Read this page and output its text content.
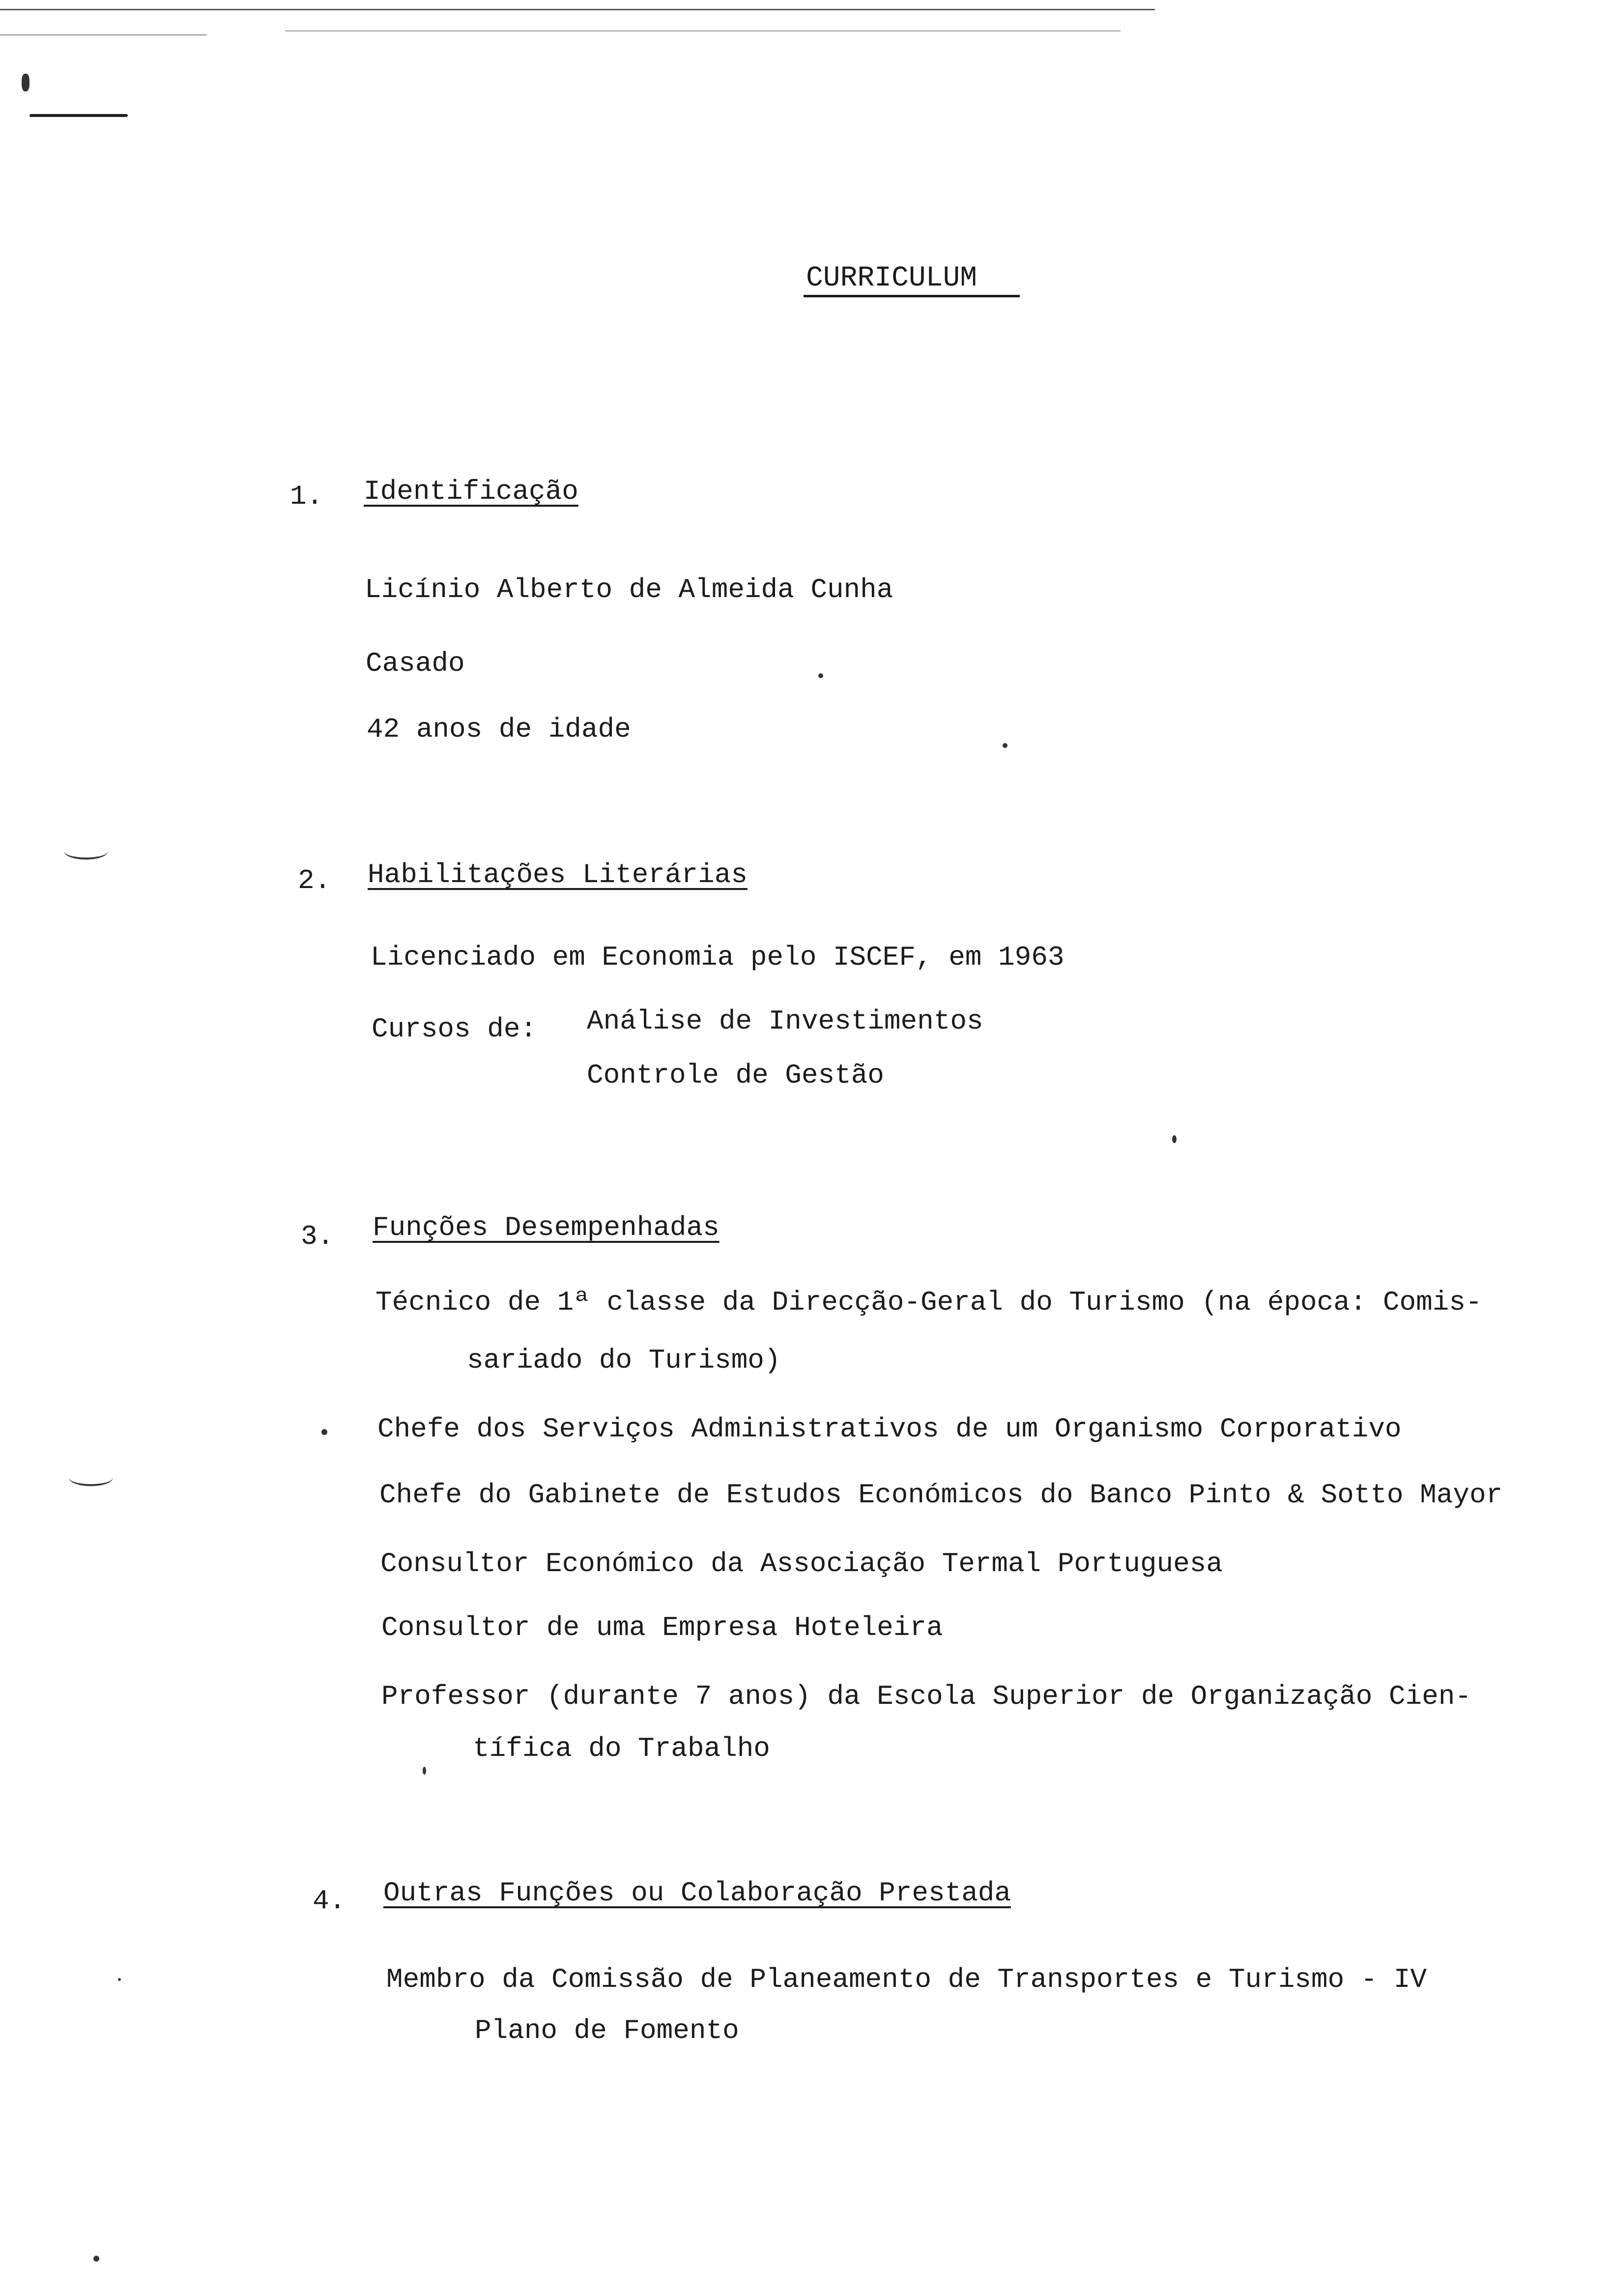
CURRICULUM
1. Identificação
Licínio Alberto de Almeida Cunha
Casado
42 anos de idade
2. Habilitações Literárias
Licenciado em Economia pelo ISCEF, em 1963
Cursos de: Análise de Investimentos
Controle de Gestão
3. Funções Desempenhadas
Técnico de 1ª classe da Direcção-Geral do Turismo (na época: Comis-
sariado do Turismo)
Chefe dos Serviços Administrativos de um Organismo Corporativo
Chefe do Gabinete de Estudos Económicos do Banco Pinto & Sotto Mayor
Consultor Económico da Associação Termal Portuguesa
Consultor de uma Empresa Hoteleira
Professor (durante 7 anos) da Escola Superior de Organização Cien-
tífica do Trabalho
4. Outras Funções ou Colaboração Prestada
Membro da Comissão de Planeamento de Transportes e Turismo - IV
Plano de Fomento
